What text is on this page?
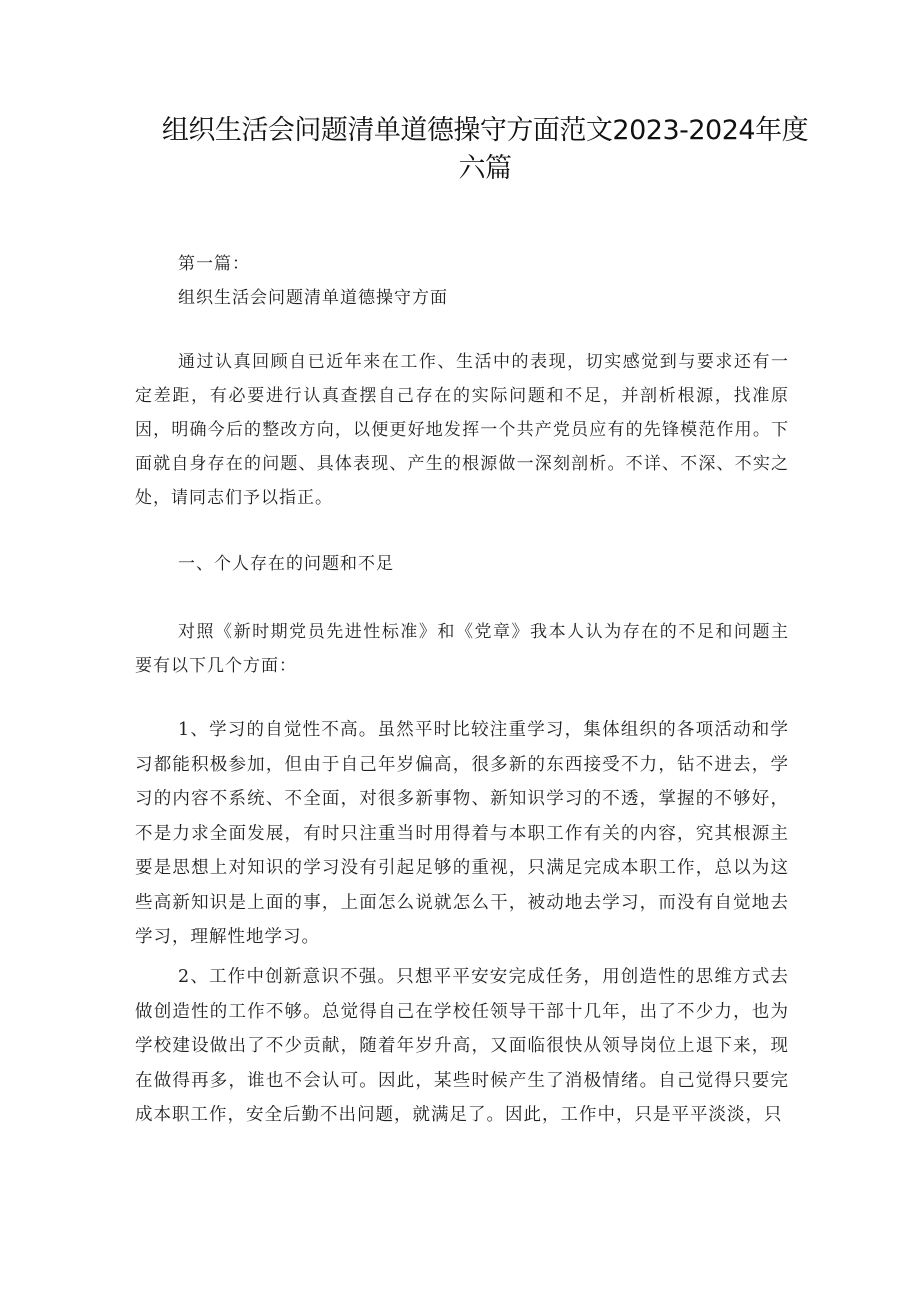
组织生活会问题清单道德操守方面范文2023-2024年度六篇

第一篇：

组织生活会问题清单道德操守方面

通过认真回顾自已近年来在工作、生活中的表现，切实感觉到与要求还有一定差距，有必要进行认真查摆自己存在的实际问题和不足，并剖析根源，找准原因，明确今后的整改方向，以便更好地发挥一个共产党员应有的先锋模范作用。下面就自身存在的问题、具体表现、产生的根源做一深刻剖析。不详、不深、不实之处，请同志们予以指正。

一、个人存在的问题和不足

对照《新时期党员先进性标准》和《党章》我本人认为存在的不足和问题主要有以下几个方面：

1、学习的自觉性不高。虽然平时比较注重学习，集体组织的各项活动和学习都能积极参加，但由于自己年岁偏高，很多新的东西接受不力，钻不进去，学习的内容不系统、不全面，对很多新事物、新知识学习的不透，掌握的不够好，不是力求全面发展，有时只注重当时用得着与本职工作有关的内容，究其根源主要是思想上对知识的学习没有引起足够的重视，只满足完成本职工作，总以为这些高新知识是上面的事，上面怎么说就怎么干，被动地去学习，而没有自觉地去学习，理解性地学习。

2、工作中创新意识不强。只想平平安安完成任务，用创造性的思维方式去做创造性的工作不够。总觉得自己在学校任领导干部十几年，出了不少力，也为学校建设做出了不少贡献，随着年岁升高，又面临很快从领导岗位上退下来，现在做得再多，谁也不会认可。因此，某些时候产生了消极情绪。自己觉得只要完成本职工作，安全后勤不出问题，就满足了。因此，工作中，只是平平淡淡，只
